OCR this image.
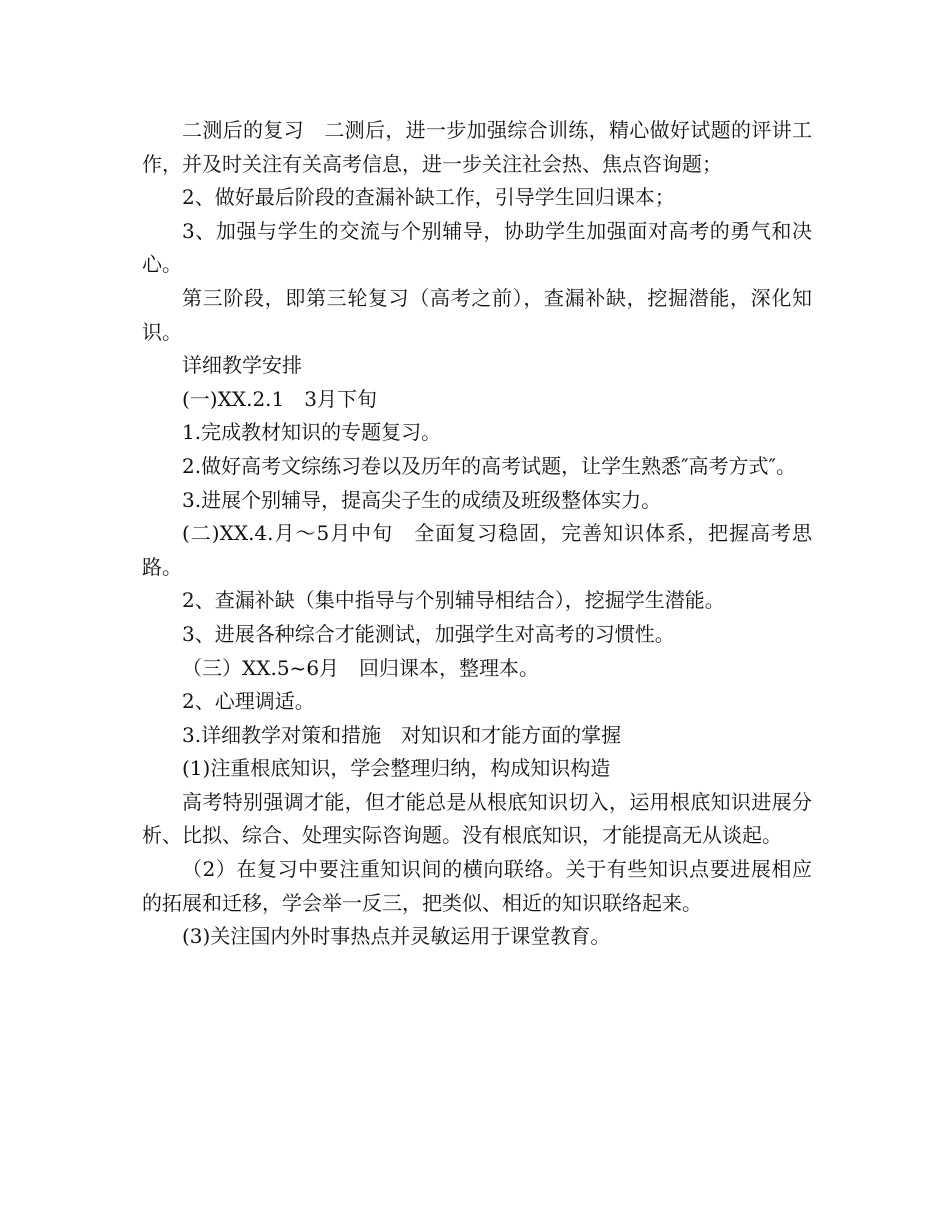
二测后的复习　二测后，进一步加强综合训练，精心做好试题的评讲工作，并及时关注有关高考信息，进一步关注社会热、焦点咨询题；

2、做好最后阶段的查漏补缺工作，引导学生回归课本；

3、加强与学生的交流与个别辅导，协助学生加强面对高考的勇气和决心。

第三阶段，即第三轮复习（高考之前），查漏补缺，挖掘潜能，深化知识。

详细教学安排

(一)XX.2.1　3月下旬

1.完成教材知识的专题复习。

2.做好高考文综练习卷以及历年的高考试题，让学生熟悉″高考方式″。

3.进展个别辅导，提高尖子生的成绩及班级整体实力。

(二)XX.4.月～5月中旬　全面复习稳固，完善知识体系，把握高考思路。

2、查漏补缺（集中指导与个别辅导相结合），挖掘学生潜能。

3、进展各种综合才能测试，加强学生对高考的习惯性。

（三）XX.5~6月　回归课本，整理本。

2、心理调适。

3.详细教学对策和措施　对知识和才能方面的掌握

(1)注重根底知识，学会整理归纳，构成知识构造

高考特别强调才能，但才能总是从根底知识切入，运用根底知识进展分析、比拟、综合、处理实际咨询题。没有根底知识，才能提高无从谈起。

（2）在复习中要注重知识间的横向联络。关于有些知识点要进展相应的拓展和迁移，学会举一反三，把类似、相近的知识联络起来。

(3)关注国内外时事热点并灵敏运用于课堂教育。
